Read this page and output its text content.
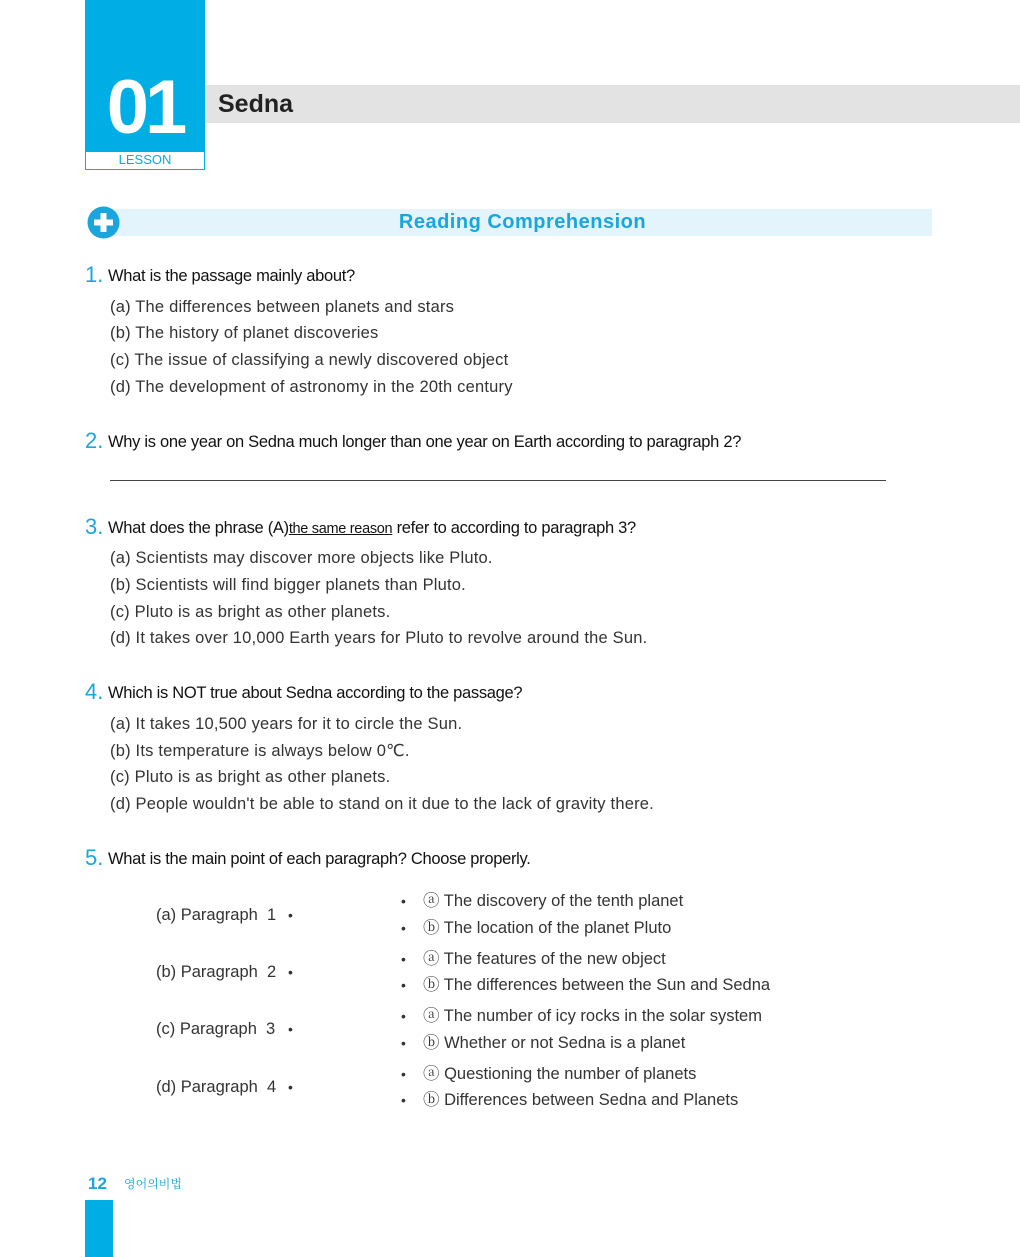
01
LESSON
Sedna
Reading Comprehension
1. What is the passage mainly about?
(a) The differences between planets and stars
(b) The history of planet discoveries
(c) The issue of classifying a newly discovered object
(d) The development of astronomy in the 20th century
2. Why is one year on Sedna much longer than one year on Earth according to paragraph 2?
3. What does the phrase (A)the same reason refer to according to paragraph 3?
(a) Scientists may discover more objects like Pluto.
(b) Scientists will find bigger planets than Pluto.
(c) Pluto is as bright as other planets.
(d) It takes over 10,000 Earth years for Pluto to revolve around the Sun.
4. Which is NOT true about Sedna according to the passage?
(a) It takes 10,500 years for it to circle the Sun.
(b) Its temperature is always below 0℃.
(c) Pluto is as bright as other planets.
(d) People wouldn't be able to stand on it due to the lack of gravity there.
5. What is the main point of each paragraph? Choose properly.
(a) Paragraph  1 •
• ⓐ The discovery of the tenth planet
• ⓑ The location of the planet Pluto
(b) Paragraph  2 •
• ⓐ The features of the new object
• ⓑ The differences between the Sun and Sedna
(c) Paragraph  3 •
• ⓐ The number of icy rocks in the solar system
• ⓑ Whether or not Sedna is a planet
(d) Paragraph  4 •
• ⓐ Questioning the number of planets
• ⓑ Differences between Sedna and Planets
12 영어의비법
